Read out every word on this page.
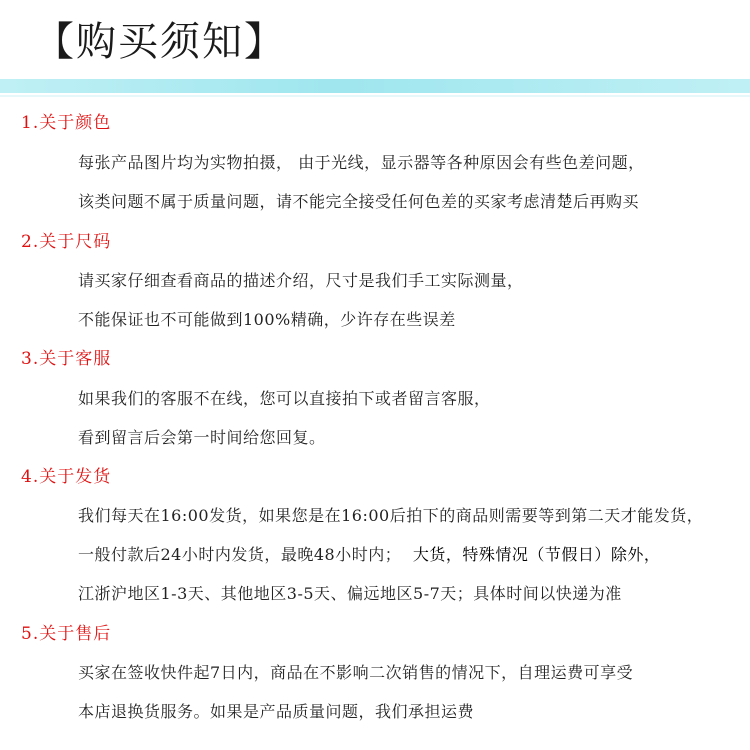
【购买须知】
1.关于颜色
每张产品图片均为实物拍摄， 由于光线，显示器等各种原因会有些色差问题，
该类问题不属于质量问题，请不能完全接受任何色差的买家考虑清楚后再购买
2.关于尺码
请买家仔细查看商品的描述介绍，尺寸是我们手工实际测量，
不能保证也不可能做到100%精确，少许存在些误差
3.关于客服
如果我们的客服不在线，您可以直接拍下或者留言客服，
看到留言后会第一时间给您回复。
4.关于发货
我们每天在16:00发货，如果您是在16:00后拍下的商品则需要等到第二天才能发货，
一般付款后24小时内发货，最晚48小时内； 大货，特殊情况（节假日）除外，
江浙沪地区1-3天、其他地区3-5天、偏远地区5-7天；具体时间以快递为准
5.关于售后
买家在签收快件起7日内，商品在不影响二次销售的情况下，自理运费可享受
本店退换货服务。如果是产品质量问题，我们承担运费
